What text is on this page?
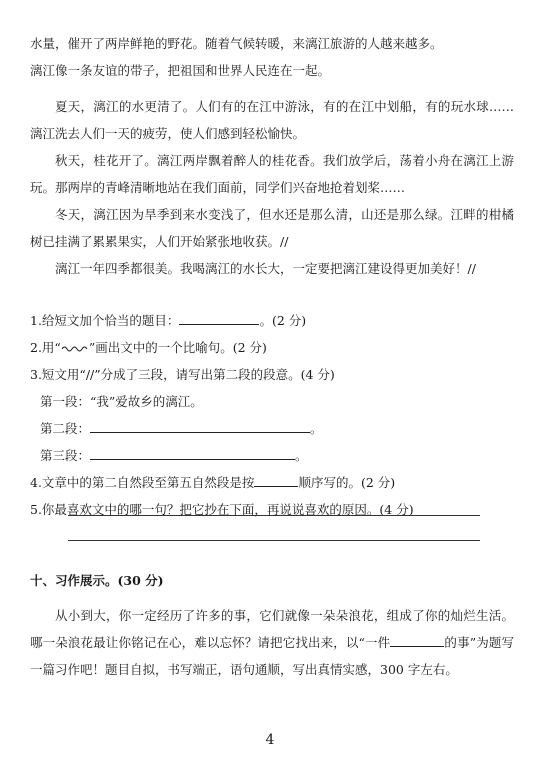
水量，催开了两岸鲜艳的野花。随着气候转暖，来漓江旅游的人越来越多。

漓江像一条友谊的带子，把祖国和世界人民连在一起。

夏天，漓江的水更清了。人们有的在江中游泳，有的在江中划船，有的玩水球…… 漓江洗去人们一天的疲劳，使人们感到轻松愉快。

秋天，桂花开了。漓江两岸飘着醉人的桂花香。我们放学后，荡着小舟在漓江上游玩。那两岸的青峰清晰地站在我们面前，同学们兴奋地抢着划桨……

冬天，漓江因为旱季到来水变浅了，但水还是那么清，山还是那么绿。江畔的柑橘树已挂满了累累果实，人们开始紧张地收获。//

漓江一年四季都很美。我喝漓江的水长大，一定要把漓江建设得更加美好！//

1.给短文加个恰当的题目：	。(2 分)

2.用“ ”画出文中的一个比喻句。(2 分)

3.短文用“//”分成了三段，请写出第二段的段意。(4 分)

第一段：“我”爱故乡的漓江。

第二段：	。

第三段：	。

4.文章中的第二自然段至第五自然段是按	顺序写的。(2 分)

5.你最喜欢文中的哪一句？把它抄在下面，再说说喜欢的原因。(4 分)

十、习作展示。(30 分)

从小到大，你一定经历了许多的事，它们就像一朵朵浪花，组成了你的灿烂生活。哪一朵浪花最让你铭记在心，难以忘怀？请把它找出来，以“一件	的事”为题写一篇习作吧！题目自拟，书写端正，语句通顺，写出真情实感，300 字左右。

4
